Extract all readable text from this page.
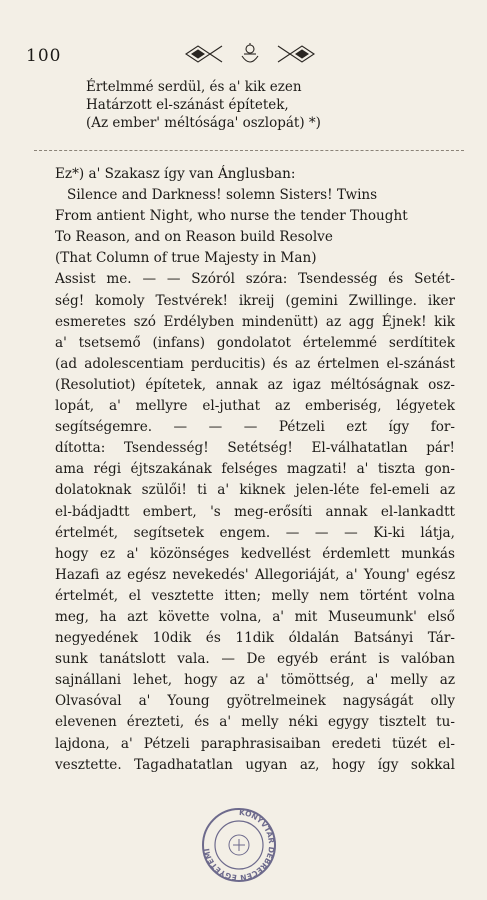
100
Értelmmé serdül, és a' kik ezen
Határzott el-szánást építetek,
(Az ember' méltósága' oszlopát) *)
Ez*) a' Szakasz így van Ánglusban:
Silence and Darkness! solemn Sisters! Twins
From antient Night, who nurse the tender Thought
To Reason, and on Reason build Resolve
(That Column of true Majesty in Man)
Assist me. — — Szóról szóra: Tsendesség és Setét-
ség! komoly Testvérek! ikreij (gemini Zwillinge. iker
esmeretes szó Erdélyben mindenütt) az agg Éjnek! kik
a' tsetsemő (infans) gondolatot értelemmé serdítitek
(ad adolescentiam perducitis) és az értelmen el-szánást
(Resolutiot) építetek, annak az igaz méltóságnak osz-
lopát, a' mellyre el-juthat az emberiség, légyetek
segítségemre. — — — Pétzeli ezt így for-
dította: Tsendesség! Setétség! El-válhatatlan pár!
ama régi éjtszakának felséges magzati! a' tiszta gon-
dolatoknak szülői! ti a' kiknek jelen-léte fel-emeli az
el-bádjadtt embert, 's meg-erősíti annak el-lankadtt
értelmét, segítsetek engem. — — — Ki-ki látja,
hogy ez a' közönséges kedvellést érdemlett munkás
Hazafi az egész nevekedés' Allegoriáját, a' Young' egész
értelmét, el vesztette itten; melly nem történt volna
meg, ha azt követte volna, a' mit Museumunk' első
negyedének 10dik és 11dik óldalán Batsányi Tár-
sunk tanátslott vala. — De egyéb eránt is valóban
sajnállani lehet, hogy az a' tömöttség, a' melly az
Olvasóval a' Young gyötrelmeinek nagyságát olly
elevenen érezteti, és a' melly néki egygy tisztelt tu-
lajdona, a' Pétzeli paraphrasisaiban eredeti tüzét el-
vesztette. Tagadhatatlan ugyan az, hogy így sokkal
KÖNYVTÁR DEBRECEN EGYETEMI
